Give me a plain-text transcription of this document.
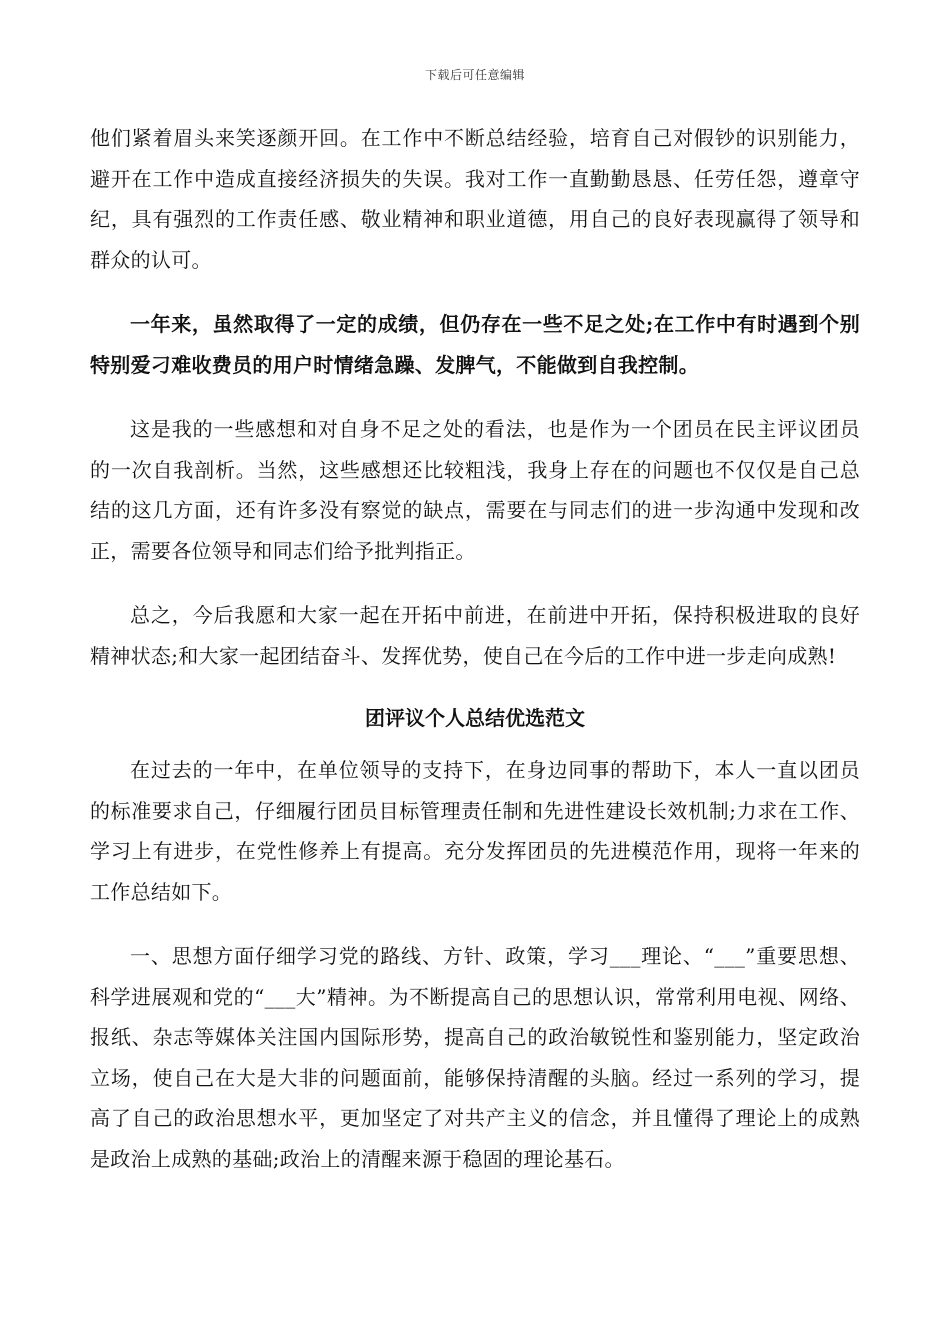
下载后可任意编辑

他们紧着眉头来笑逐颜开回。在工作中不断总结经验，培育自己对假钞的识别能力，避开在工作中造成直接经济损失的失误。我对工作一直勤勤恳恳、任劳任怨，遵章守纪，具有强烈的工作责任感、敬业精神和职业道德，用自己的良好表现赢得了领导和群众的认可。

一年来，虽然取得了一定的成绩，但仍存在一些不足之处;在工作中有时遇到个别特别爱刁难收费员的用户时情绪急躁、发脾气，不能做到自我控制。

这是我的一些感想和对自身不足之处的看法，也是作为一个团员在民主评议团员的一次自我剖析。当然，这些感想还比较粗浅，我身上存在的问题也不仅仅是自己总结的这几方面，还有许多没有察觉的缺点，需要在与同志们的进一步沟通中发现和改正，需要各位领导和同志们给予批判指正。

总之，今后我愿和大家一起在开拓中前进，在前进中开拓，保持积极进取的良好精神状态;和大家一起团结奋斗、发挥优势，使自己在今后的工作中进一步走向成熟!

团评议个人总结优选范文

在过去的一年中，在单位领导的支持下，在身边同事的帮助下，本人一直以团员的标准要求自己，仔细履行团员目标管理责任制和先进性建设长效机制;力求在工作、学习上有进步，在党性修养上有提高。充分发挥团员的先进模范作用，现将一年来的工作总结如下。

一、思想方面仔细学习党的路线、方针、政策，学习___理论、“___”重要思想、科学进展观和党的“___大”精神。为不断提高自己的思想认识，常常利用电视、网络、报纸、杂志等媒体关注国内国际形势，提高自己的政治敏锐性和鉴别能力，坚定政治立场，使自己在大是大非的问题面前，能够保持清醒的头脑。经过一系列的学习，提高了自己的政治思想水平，更加坚定了对共产主义的信念，并且懂得了理论上的成熟是政治上成熟的基础;政治上的清醒来源于稳固的理论基石。
